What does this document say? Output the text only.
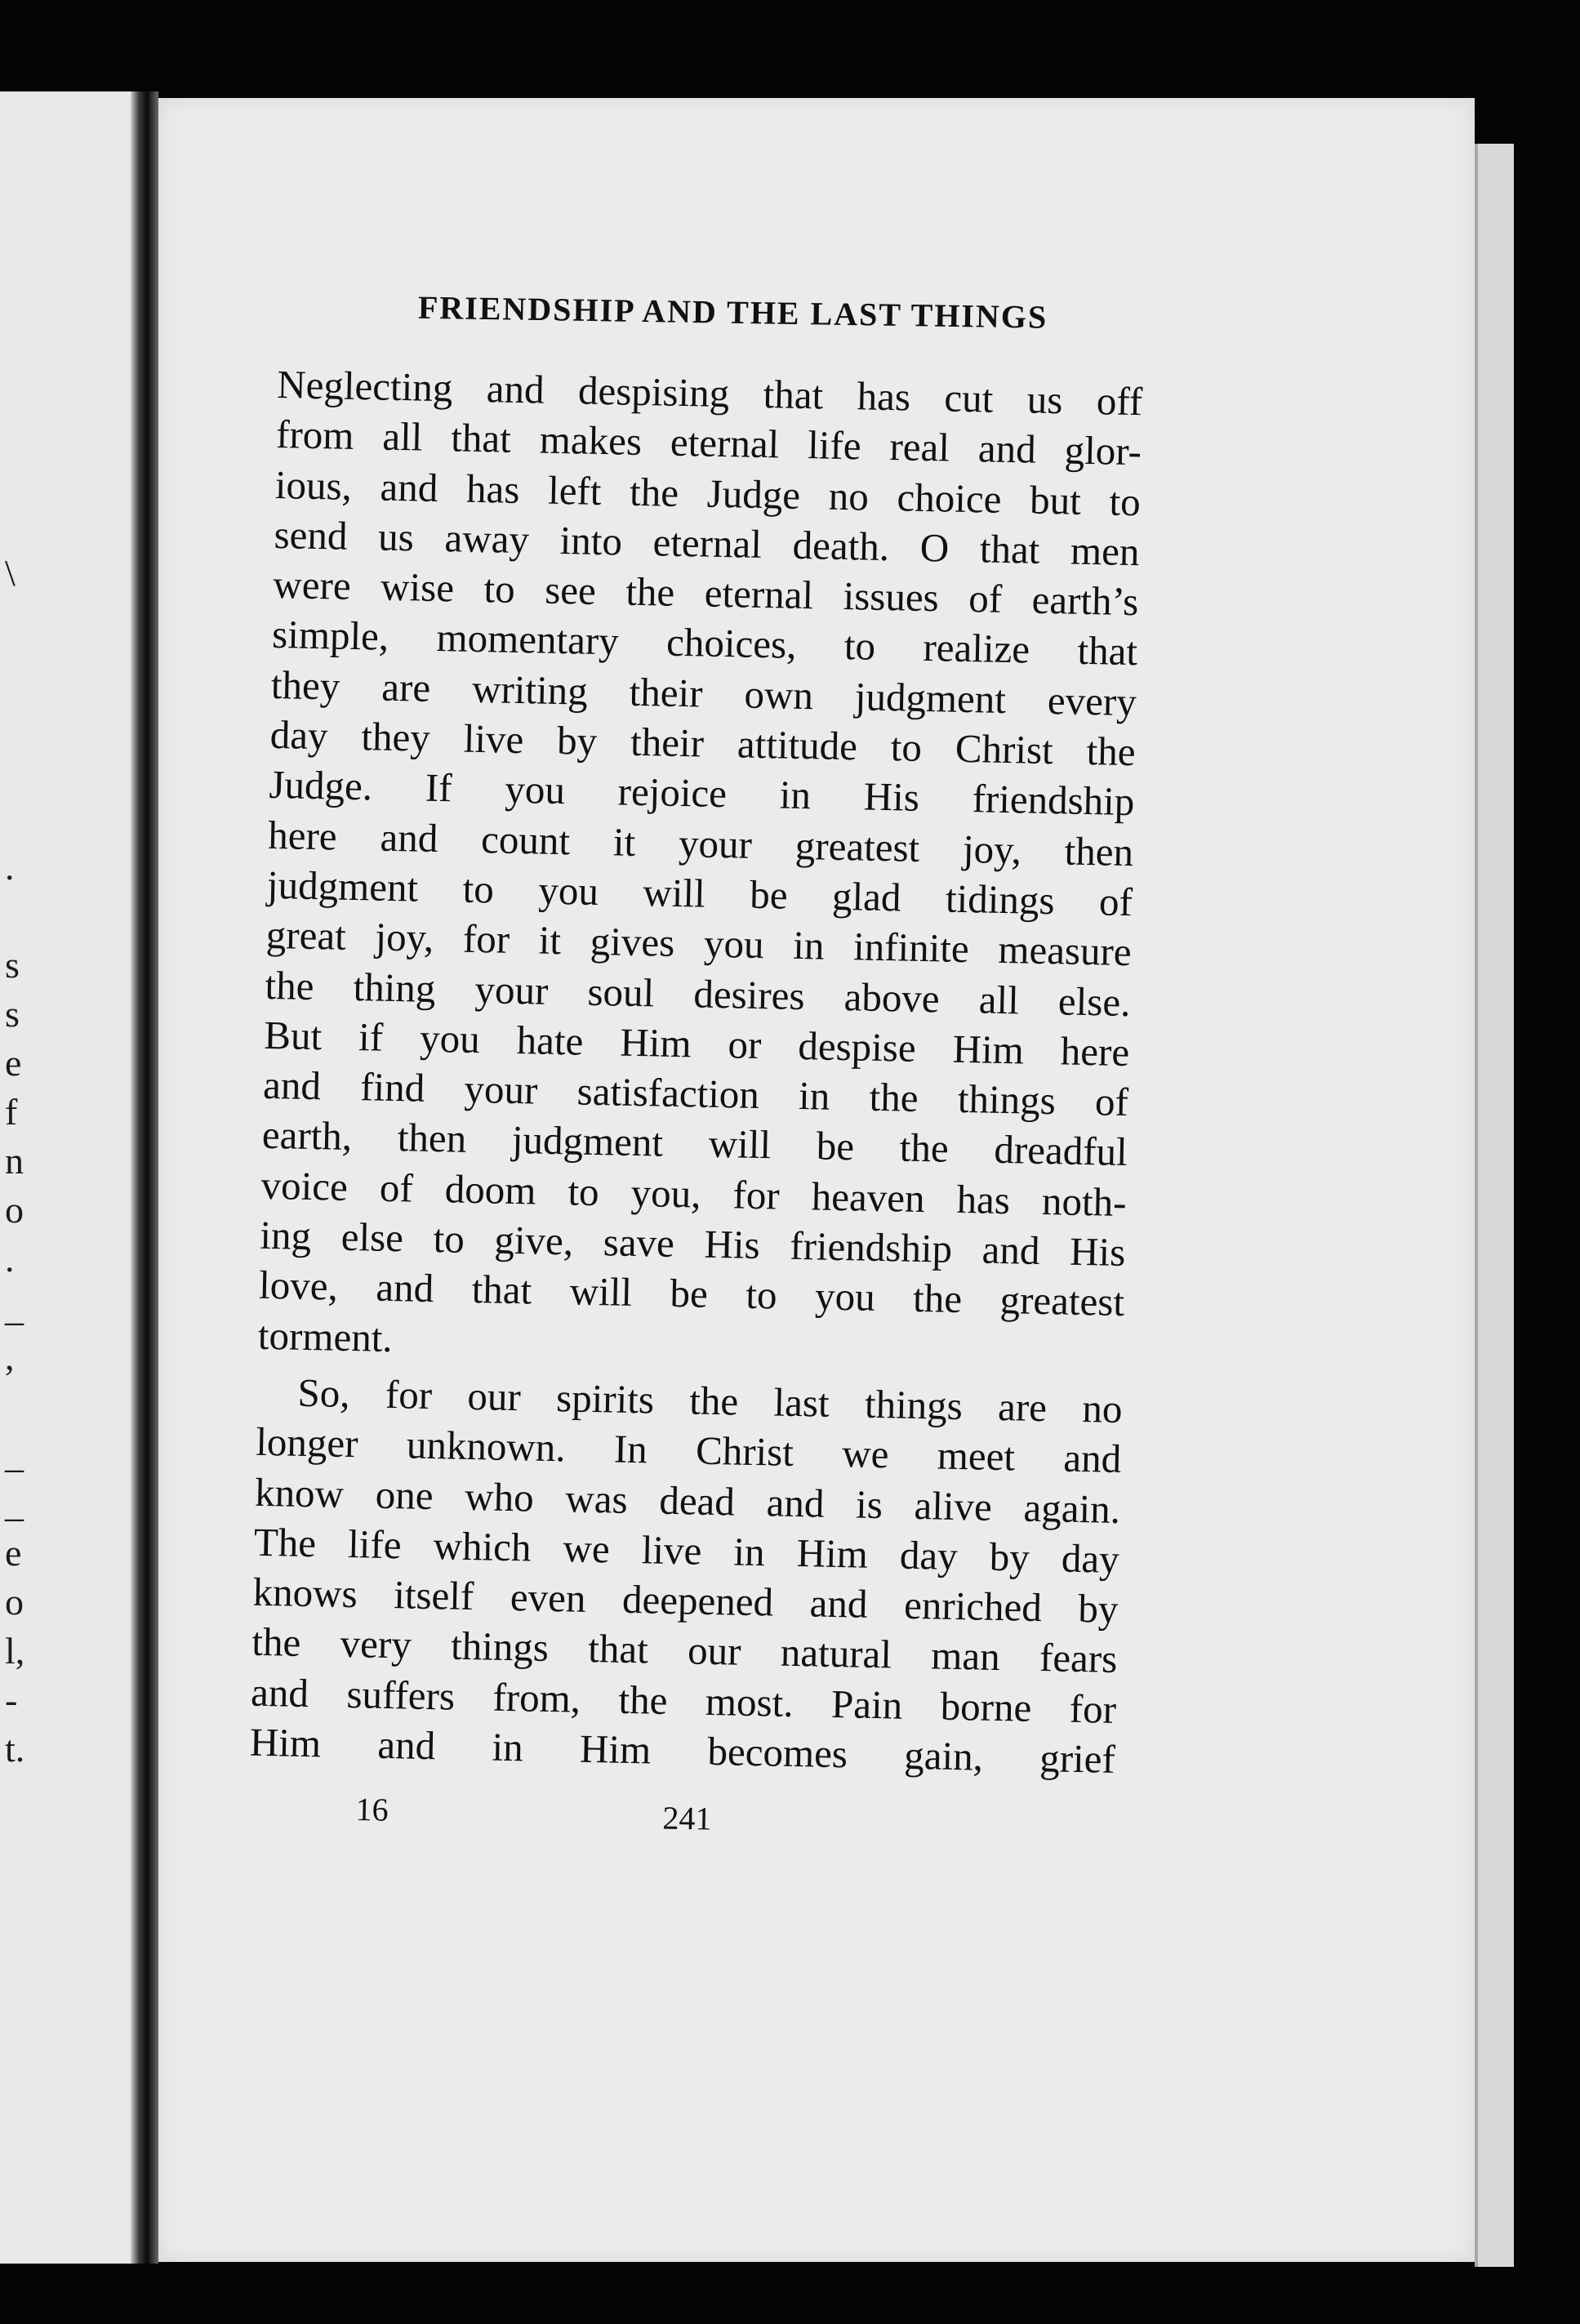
\
.
s
s
e
f
n
o
.
_
,
_
_
e
o
l,
-
t.
FRIENDSHIP AND THE LAST THINGS
Neglecting and despising that has cut us off
from all that makes eternal life real and glor-
ious, and has left the Judge no choice but to
send us away into eternal death. O that men
were wise to see the eternal issues of earth’s
simple, momentary choices, to realize that
they are writing their own judgment every
day they live by their attitude to Christ the
Judge. If you rejoice in His friendship
here and count it your greatest joy, then
judgment to you will be glad tidings of
great joy, for it gives you in infinite measure
the thing your soul desires above all else.
But if you hate Him or despise Him here
and find your satisfaction in the things of
earth, then judgment will be the dreadful
voice of doom to you, for heaven has noth-
ing else to give, save His friendship and His
love, and that will be to you the greatest
torment.
So, for our spirits the last things are no
longer unknown. In Christ we meet and
know one who was dead and is alive again.
The life which we live in Him day by day
knows itself even deepened and enriched by
the very things that our natural man fears
and suffers from, the most. Pain borne for
Him and in Him becomes gain, grief
16	241
